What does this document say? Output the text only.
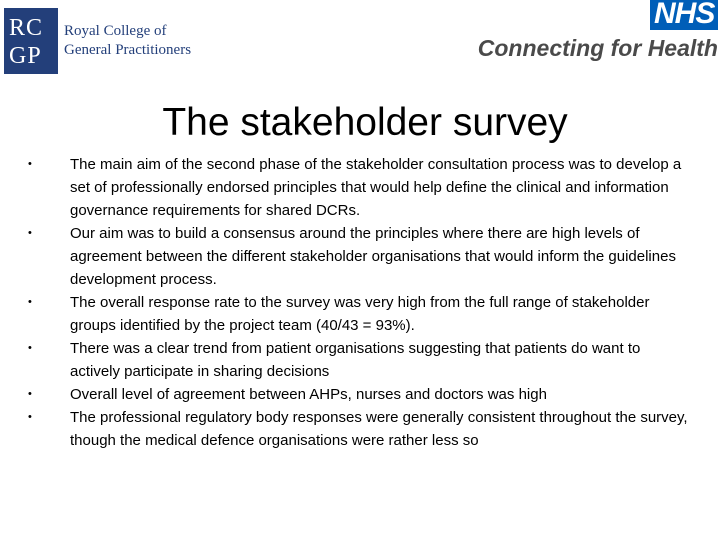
RC
GP
Royal College of
General Practitioners
NHS
Connecting for Health
The stakeholder survey
•	The main aim of the second phase of the stakeholder consultation process was to develop a set of professionally endorsed principles that would help define the clinical and information governance requirements for shared DCRs.
•	Our aim was to build a consensus around the principles where there are high levels of agreement between the different stakeholder organisations that would inform the guidelines development process.
•	The overall response rate to the survey was very high from the full range of stakeholder groups identified by the project team (40/43 = 93%).
•	There was a clear trend from patient organisations suggesting that patients do want to actively participate in sharing decisions
•	Overall level of agreement between AHPs, nurses and doctors was high
•	The professional regulatory body responses were generally consistent throughout the survey, though the medical defence organisations were rather less so
